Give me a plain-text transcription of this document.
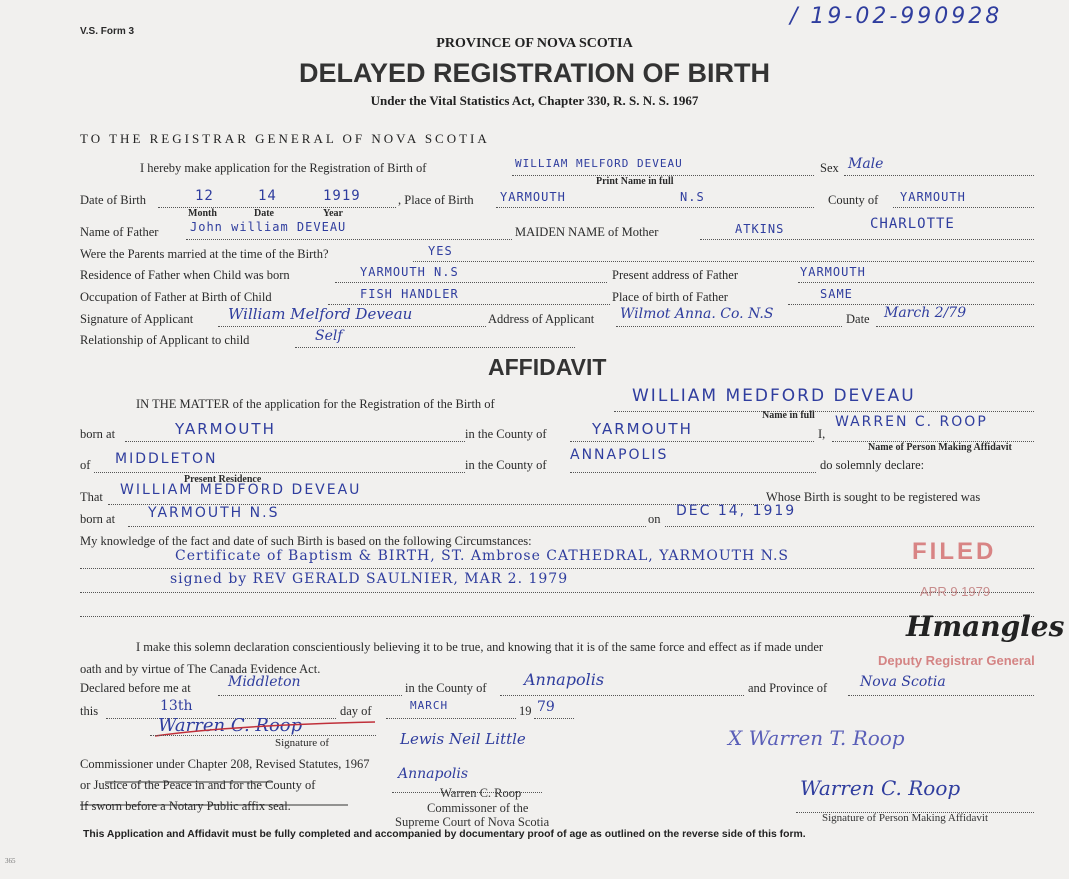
V.S. Form 3
/ 19-02-990928
PROVINCE OF NOVA SCOTIA
DELAYED REGISTRATION OF BIRTH
Under the Vital Statistics Act, Chapter 330, R. S. N. S. 1967
TO THE REGISTRAR GENERAL OF NOVA SCOTIA
I hereby make application for the Registration of Birth of	WILLIAM MELFORD DEVEAU
Print Name in full
Sex Male
Date of Birth	12	14	1919
Month	Date	Year
, Place of Birth YARMOUTH	N.S	County of YARMOUTH
Name of Father	John william DEVEAU	MAIDEN NAME of Mother	ATKINS	CHARLOTTE
Were the Parents married at the time of the Birth?	YES
Residence of Father when Child was born	YARMOUTH N.S	Present address of Father	YARMOUTH
Occupation of Father at Birth of Child	FISH HANDLER	Place of birth of Father	SAME
Signature of Applicant William Melford Deveau	Address of Applicant Wilmot Anna. Co. N.S	Date March 2/79
Relationship of Applicant to child	Self
AFFIDAVIT
IN THE MATTER of the application for the Registration of the Birth of	WILLIAM MEDFORD DEVEAU
Name in full
born at	YARMOUTH	in the County of	YARMOUTH	I,
WARREN C. ROOP
Name of Person Making Affidavit
of MIDDLETON
Present Residence
in the County of
ANNAPOLIS
do solemnly declare:
That WILLIAM MEDFORD DEVEAU	Whose Birth is sought to be registered was
born at YARMOUTH N.S	on DEC 14, 1919
My knowledge of the fact and date of such Birth is based on the following Circumstances:
Certificate of Baptism & BIRTH, ST. Ambrose CATHEDRAL, YARMOUTH N.S
signed by REV GERALD SAULNIER, MAR 2. 1979
I make this solemn declaration conscientiously believing it to be true, and knowing that it is of the same force and effect as if made under
oath and by virtue of The Canada Evidence Act.
Declared before me at	Middleton	in the County of Annapolis	and Province of Nova Scotia
this	13th	day of	MARCH	19 79
Warren C. Roop
Signature of	Lewis Neil Little
Commissioner under Chapter 208, Revised Statutes, 1967
or Justice of the Peace in and for the County of
Annapolis
If sworn before a Notary Public affix seal.
Warren C. Roop
Commissoner of the
Supreme Court of Nova Scotia
X Warren T. Roop
Warren C. Roop
Signature of Person Making Affidavit
FILED
APR 9 1979
Hmangles
Deputy Registrar General
This Application and Affidavit must be fully completed and accompanied by documentary proof of age as outlined on the reverse side of this form.
365
